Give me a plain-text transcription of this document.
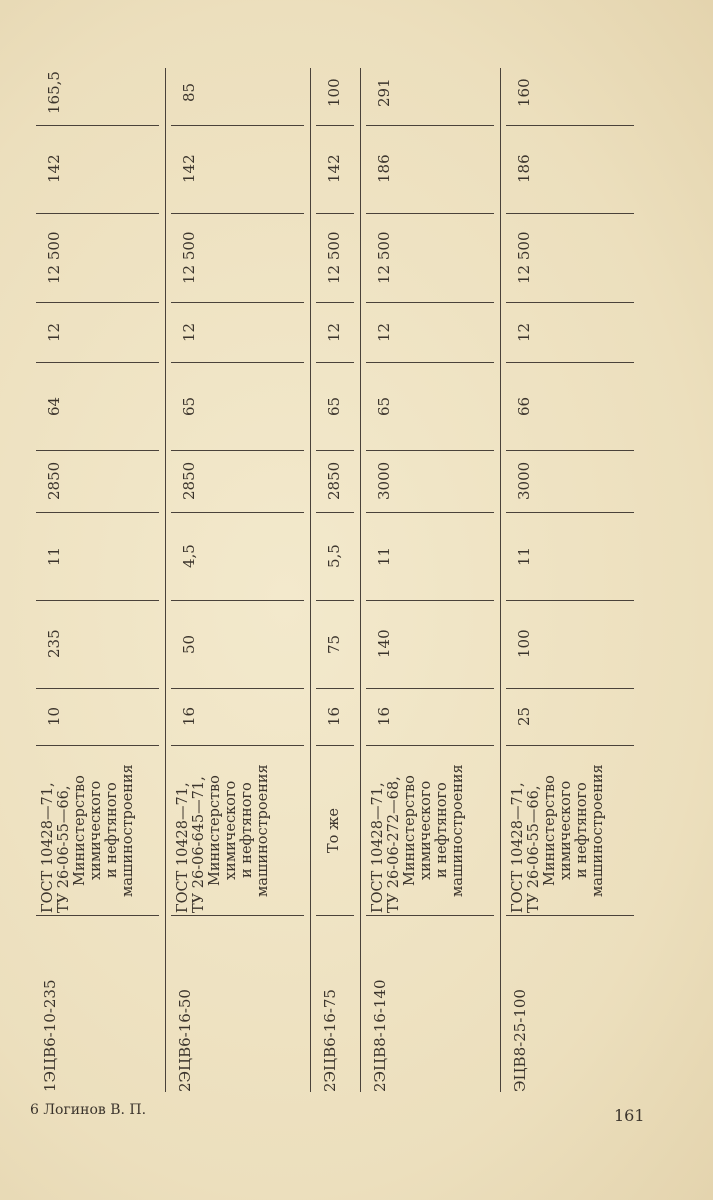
6 Логинов В. П.	161
1ЭЦВ6-10-235
ГОСТ 10428—71, ТУ 26-06-55—66, Министерство химического и нефтяного машиностроения
10
235
11
2850
64
12
12 500
142
165,5
2ЭЦВ6-16-50
ГОСТ 10428—71, ТУ 26-06-645—71, Министерство химического и нефтяного машиностроения
16
50
4,5
2850
65
12
12 500
142
85
2ЭЦВ6-16-75
То же
16
75
5,5
2850
65
12
12 500
142
100
2ЭЦВ8-16-140
ГОСТ 10428—71, ТУ 26-06-272—68, Министерство химического и нефтяного машиностроения
16
140
11
3000
65
12
12 500
186
291
ЭЦВ8-25-100
ГОСТ 10428—71, ТУ 26-06-55—66, Министерство химического и нефтяного машиностроения
25
100
11
3000
66
12
12 500
186
160
